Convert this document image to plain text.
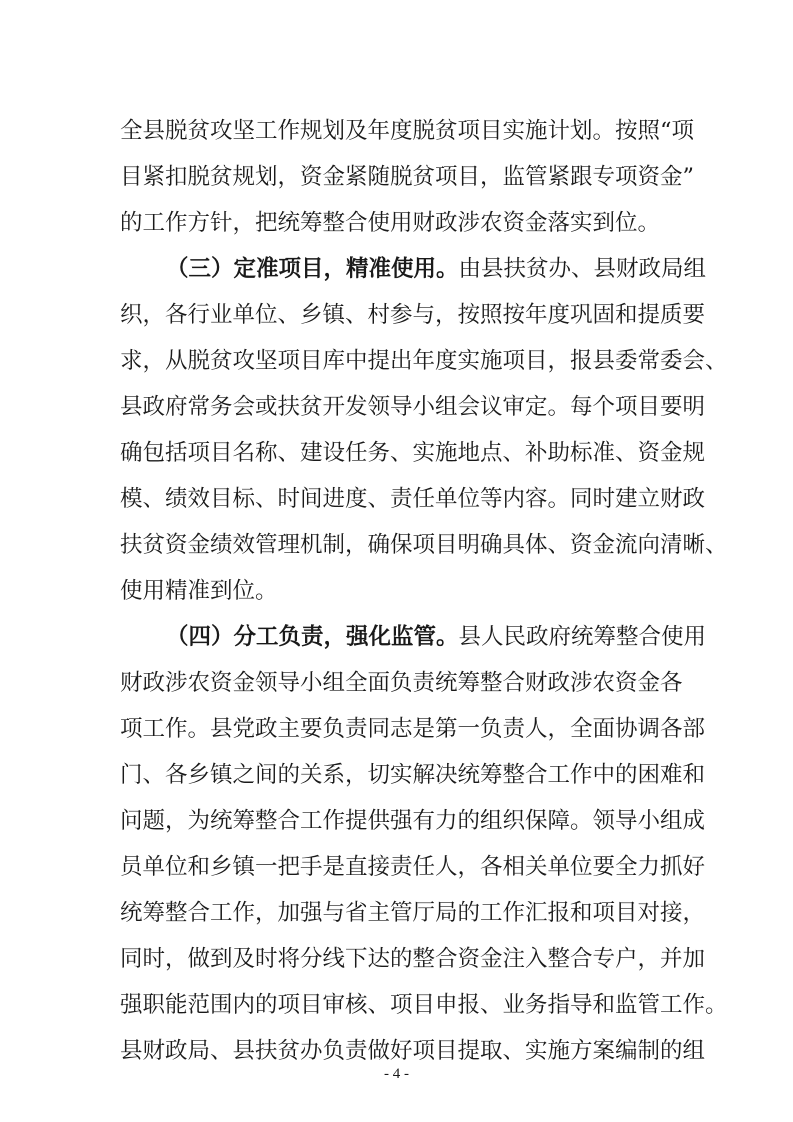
全县脱贫攻坚工作规划及年度脱贫项目实施计划。按照“项
目紧扣脱贫规划，资金紧随脱贫项目，监管紧跟专项资金”
的工作方针，把统筹整合使用财政涉农资金落实到位。
（三）定准项目，精准使用。由县扶贫办、县财政局组
织，各行业单位、乡镇、村参与，按照按年度巩固和提质要
求，从脱贫攻坚项目库中提出年度实施项目，报县委常委会、
县政府常务会或扶贫开发领导小组会议审定。每个项目要明
确包括项目名称、建设任务、实施地点、补助标准、资金规
模、绩效目标、时间进度、责任单位等内容。同时建立财政
扶贫资金绩效管理机制，确保项目明确具体、资金流向清晰、
使用精准到位。
（四）分工负责，强化监管。县人民政府统筹整合使用
财政涉农资金领导小组全面负责统筹整合财政涉农资金各
项工作。县党政主要负责同志是第一负责人，全面协调各部
门、各乡镇之间的关系，切实解决统筹整合工作中的困难和
问题，为统筹整合工作提供强有力的组织保障。领导小组成
员单位和乡镇一把手是直接责任人，各相关单位要全力抓好
统筹整合工作，加强与省主管厅局的工作汇报和项目对接，
同时，做到及时将分线下达的整合资金注入整合专户，并加
强职能范围内的项目审核、项目申报、业务指导和监管工作。
县财政局、县扶贫办负责做好项目提取、实施方案编制的组
- 4 -
